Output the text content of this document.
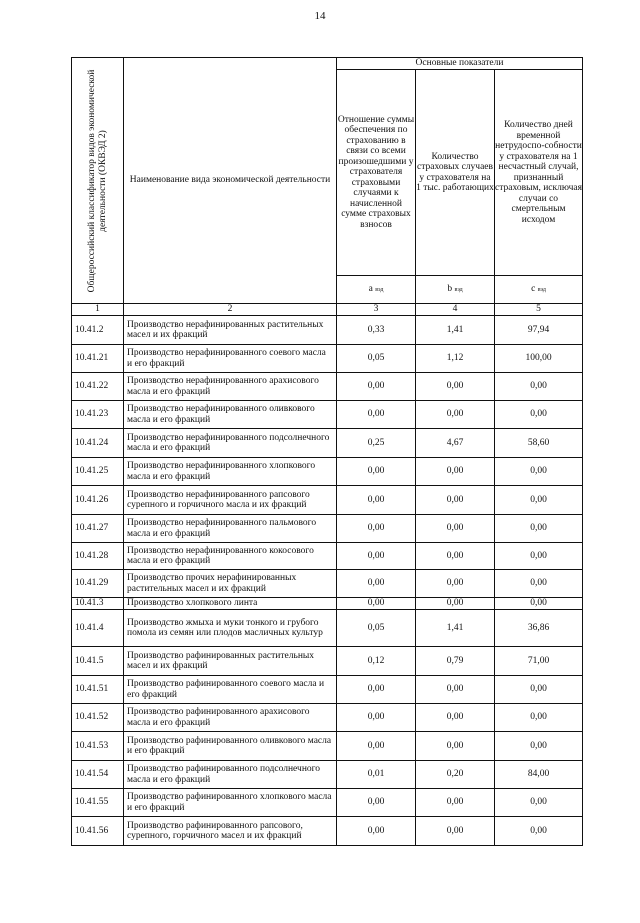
14
Общероссийский классификатор видов экономической деятельности (ОКВЭД 2)	Наименование вида экономической деятельности	Основные показатели		
		Отношение суммы обеспечения по страхованию в связи со всеми произошедшими у страхователя страховыми случаями к начисленной сумме страховых взносов	Количество страховых случаев у страхователя на 1 тыс. работающих	Количество дней временной нетрудоспо-собности у страхователя на 1 несчастный случай, признанный страховым, исключая случаи со смертельным исходом
		a вэд	b вэд	c вэд
1	2	3	4	5
10.41.2	Производство нерафинированных растительных масел и их фракций	0,33	1,41	97,94
10.41.21	Производство нерафинированного соевого масла и его фракций	0,05	1,12	100,00
10.41.22	Производство нерафинированного арахисового масла и его фракций	0,00	0,00	0,00
10.41.23	Производство нерафинированного оливкового масла и его фракций	0,00	0,00	0,00
10.41.24	Производство нерафинированного подсолнечного масла и его фракций	0,25	4,67	58,60
10.41.25	Производство нерафинированного хлопкового масла и его фракций	0,00	0,00	0,00
10.41.26	Производство нерафинированного рапсового сурепного и горчичного масла и их фракций	0,00	0,00	0,00
10.41.27	Производство нерафинированного пальмового масла и его фракций	0,00	0,00	0,00
10.41.28	Производство нерафинированного кокосового масла и его фракций	0,00	0,00	0,00
10.41.29	Производство прочих нерафинированных растительных масел и их фракций	0,00	0,00	0,00
10.41.3	Производство хлопкового линта	0,00	0,00	0,00
10.41.4	Производство жмыха и муки тонкого и грубого помола из семян или плодов масличных культур	0,05	1,41	36,86
10.41.5	Производство рафинированных растительных масел и их фракций	0,12	0,79	71,00
10.41.51	Производство рафинированного соевого масла и его фракций	0,00	0,00	0,00
10.41.52	Производство рафинированного арахисового масла и его фракций	0,00	0,00	0,00
10.41.53	Производство рафинированного оливкового масла и его фракций	0,00	0,00	0,00
10.41.54	Производство рафинированного подсолнечного масла и его фракций	0,01	0,20	84,00
10.41.55	Производство рафинированного хлопкового масла и его фракций	0,00	0,00	0,00
10.41.56	Производство рафинированного рапсового, сурепного, горчичного масел и их фракций	0,00	0,00	0,00
